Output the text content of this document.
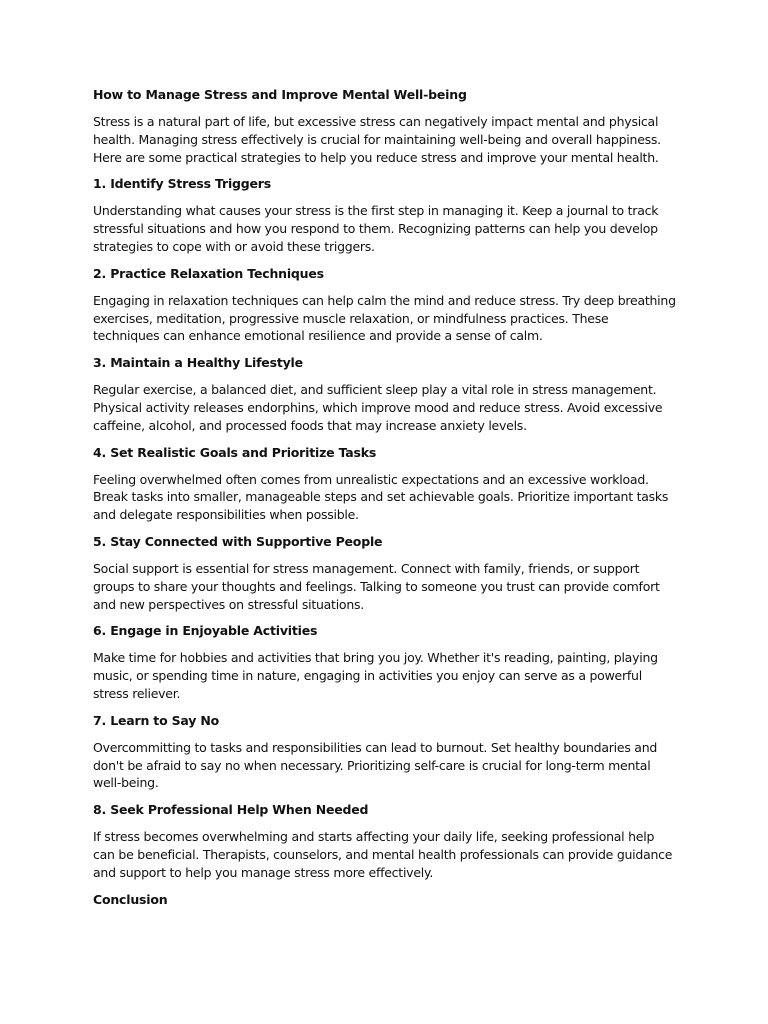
How to Manage Stress and Improve Mental Well-being
Stress is a natural part of life, but excessive stress can negatively impact mental and physical health. Managing stress effectively is crucial for maintaining well-being and overall happiness. Here are some practical strategies to help you reduce stress and improve your mental health.
1. Identify Stress Triggers
Understanding what causes your stress is the first step in managing it. Keep a journal to track stressful situations and how you respond to them. Recognizing patterns can help you develop strategies to cope with or avoid these triggers.
2. Practice Relaxation Techniques
Engaging in relaxation techniques can help calm the mind and reduce stress. Try deep breathing exercises, meditation, progressive muscle relaxation, or mindfulness practices. These techniques can enhance emotional resilience and provide a sense of calm.
3. Maintain a Healthy Lifestyle
Regular exercise, a balanced diet, and sufficient sleep play a vital role in stress management. Physical activity releases endorphins, which improve mood and reduce stress. Avoid excessive caffeine, alcohol, and processed foods that may increase anxiety levels.
4. Set Realistic Goals and Prioritize Tasks
Feeling overwhelmed often comes from unrealistic expectations and an excessive workload. Break tasks into smaller, manageable steps and set achievable goals. Prioritize important tasks and delegate responsibilities when possible.
5. Stay Connected with Supportive People
Social support is essential for stress management. Connect with family, friends, or support groups to share your thoughts and feelings. Talking to someone you trust can provide comfort and new perspectives on stressful situations.
6. Engage in Enjoyable Activities
Make time for hobbies and activities that bring you joy. Whether it's reading, painting, playing music, or spending time in nature, engaging in activities you enjoy can serve as a powerful stress reliever.
7. Learn to Say No
Overcommitting to tasks and responsibilities can lead to burnout. Set healthy boundaries and don't be afraid to say no when necessary. Prioritizing self-care is crucial for long-term mental well-being.
8. Seek Professional Help When Needed
If stress becomes overwhelming and starts affecting your daily life, seeking professional help can be beneficial. Therapists, counselors, and mental health professionals can provide guidance and support to help you manage stress more effectively.
Conclusion
